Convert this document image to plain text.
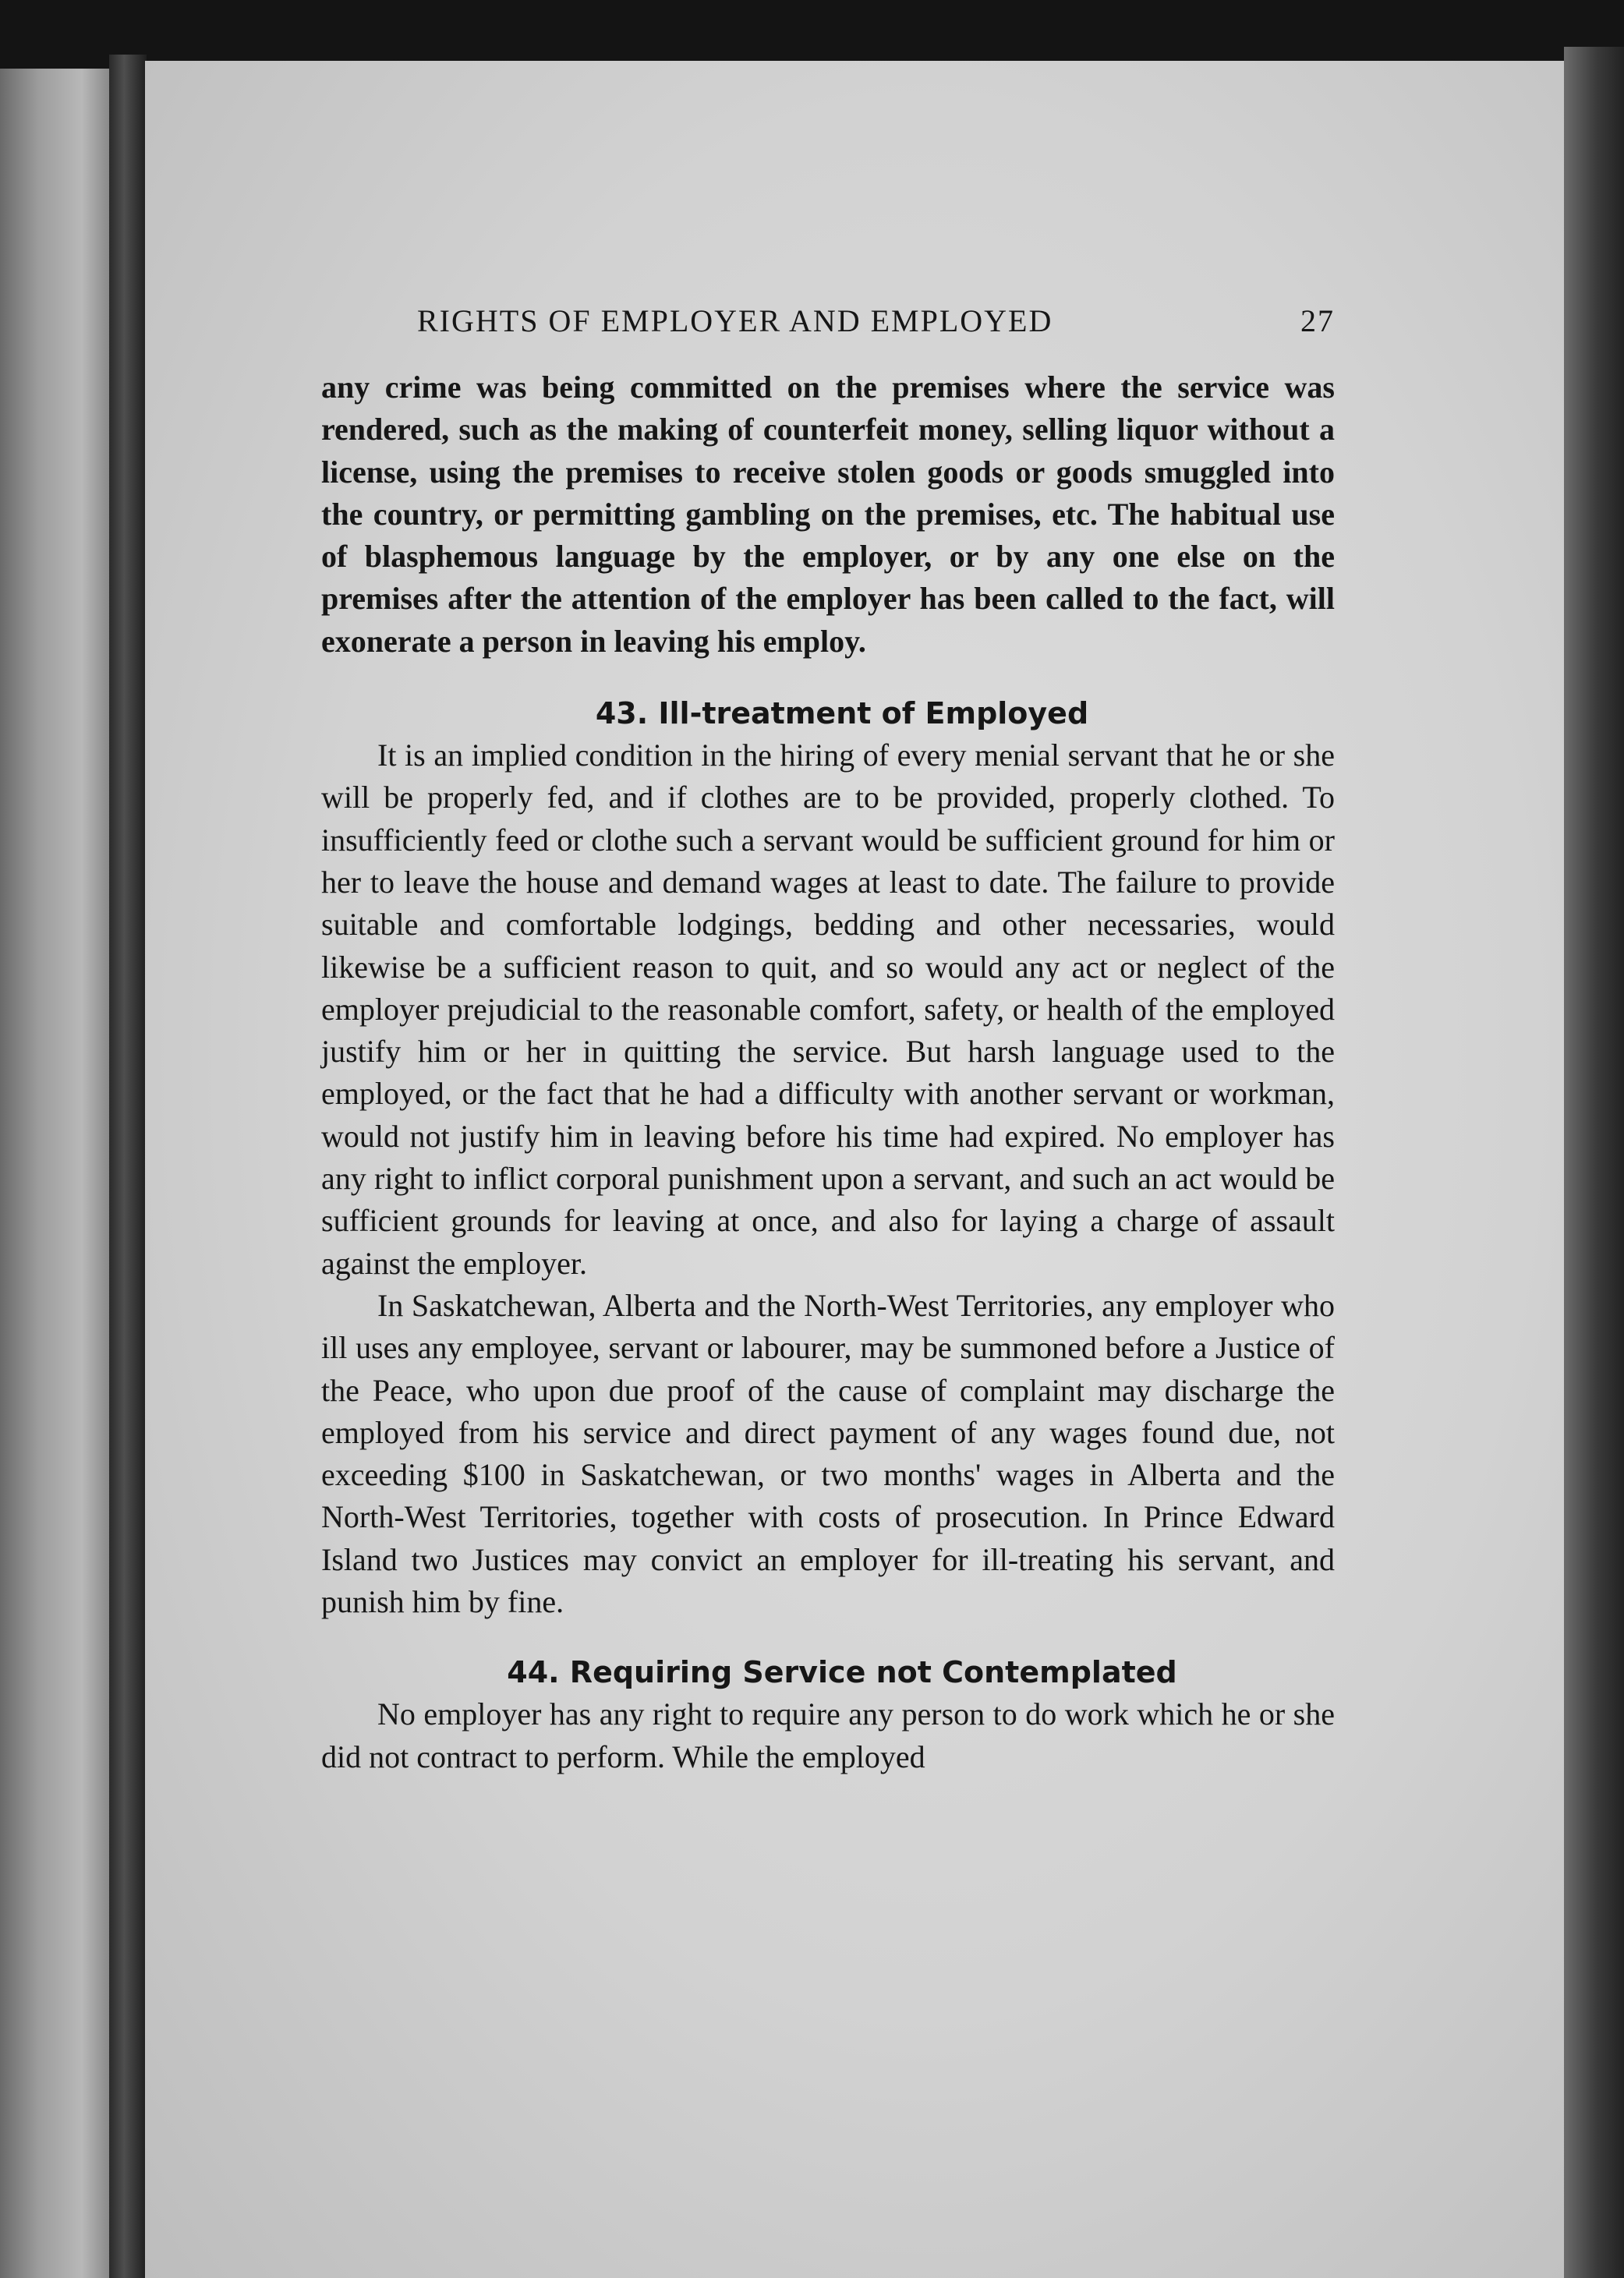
RIGHTS OF EMPLOYER AND EMPLOYED	27

any crime was being committed on the premises where the service was rendered, such as the making of counterfeit money, selling liquor without a license, using the premises to receive stolen goods or goods smuggled into the country, or permitting gambling on the premises, etc. The habitual use of blasphemous language by the employer, or by any one else on the premises after the attention of the employer has been called to the fact, will exonerate a person in leaving his employ.

43. Ill-treatment of Employed

It is an implied condition in the hiring of every menial servant that he or she will be properly fed, and if clothes are to be provided, properly clothed. To insufficiently feed or clothe such a servant would be sufficient ground for him or her to leave the house and demand wages at least to date. The failure to provide suitable and comfortable lodgings, bedding and other necessaries, would likewise be a sufficient reason to quit, and so would any act or neglect of the employer prejudicial to the reasonable comfort, safety, or health of the employed justify him or her in quitting the service. But harsh language used to the employed, or the fact that he had a difficulty with another servant or workman, would not justify him in leaving before his time had expired. No employer has any right to inflict corporal punishment upon a servant, and such an act would be sufficient grounds for leaving at once, and also for laying a charge of assault against the employer.

In Saskatchewan, Alberta and the North-West Territories, any employer who ill uses any employee, servant or labourer, may be summoned before a Justice of the Peace, who upon due proof of the cause of complaint may discharge the employed from his service and direct payment of any wages found due, not exceeding $100 in Saskatchewan, or two months' wages in Alberta and the North-West Territories, together with costs of prosecution. In Prince Edward Island two Justices may convict an employer for ill-treating his servant, and punish him by fine.

44. Requiring Service not Contemplated

No employer has any right to require any person to do work which he or she did not contract to perform. While the employed
